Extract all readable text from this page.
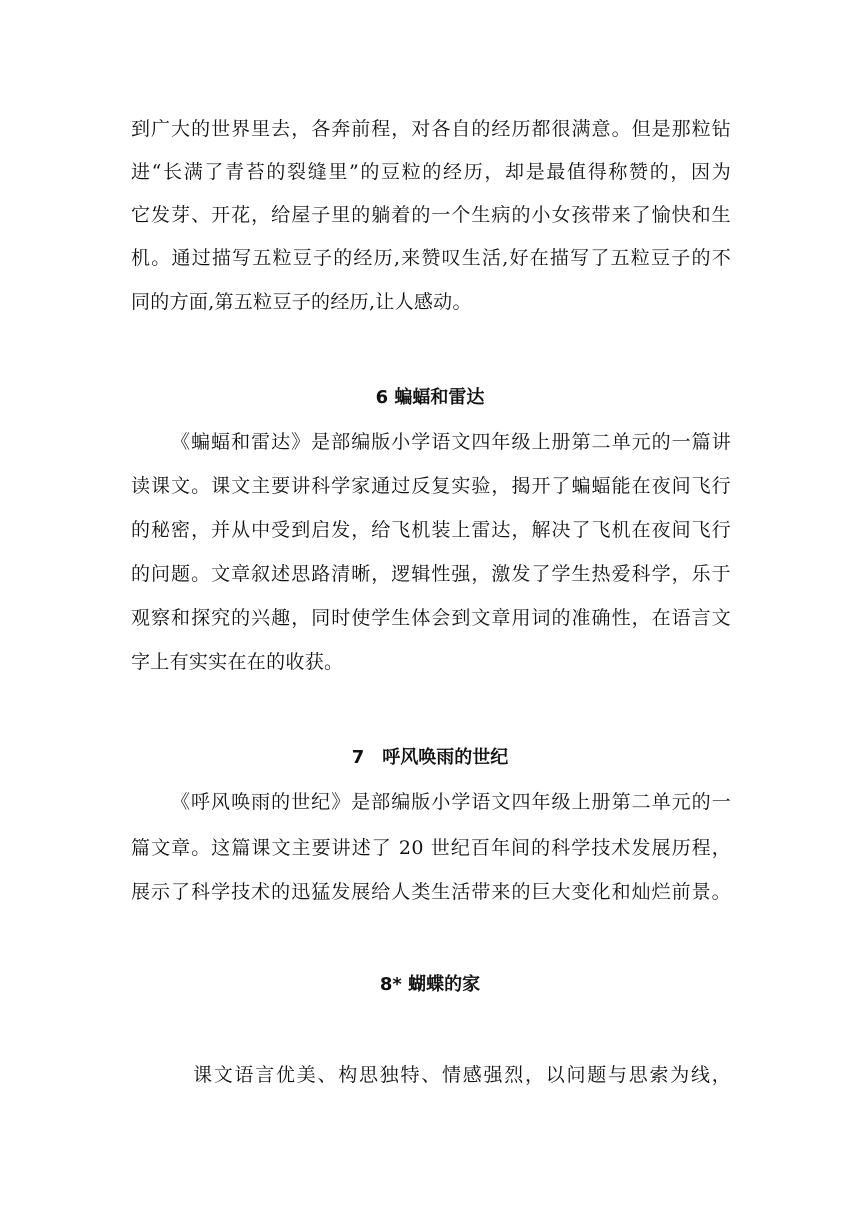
到广大的世界里去，各奔前程，对各自的经历都很满意。但是那粒钻
进“长满了青苔的裂缝里”的豆粒的经历，却是最值得称赞的，因为
它发芽、开花，给屋子里的躺着的一个生病的小女孩带来了愉快和生
机。通过描写五粒豆子的经历,来赞叹生活,好在描写了五粒豆子的不
同的方面,第五粒豆子的经历,让人感动。
6 蝙蝠和雷达
《蝙蝠和雷达》是部编版小学语文四年级上册第二单元的一篇讲
读课文。课文主要讲科学家通过反复实验，揭开了蝙蝠能在夜间飞行
的秘密，并从中受到启发，给飞机装上雷达，解决了飞机在夜间飞行
的问题。文章叙述思路清晰，逻辑性强，激发了学生热爱科学，乐于
观察和探究的兴趣，同时使学生体会到文章用词的准确性，在语言文
字上有实实在在的收获。
7　呼风唤雨的世纪
《呼风唤雨的世纪》是部编版小学语文四年级上册第二单元的一
篇文章。这篇课文主要讲述了 20 世纪百年间的科学技术发展历程，
展示了科学技术的迅猛发展给人类生活带来的巨大变化和灿烂前景。
8* 蝴蝶的家
课文语言优美、构思独特、情感强烈，以问题与思索为线，
